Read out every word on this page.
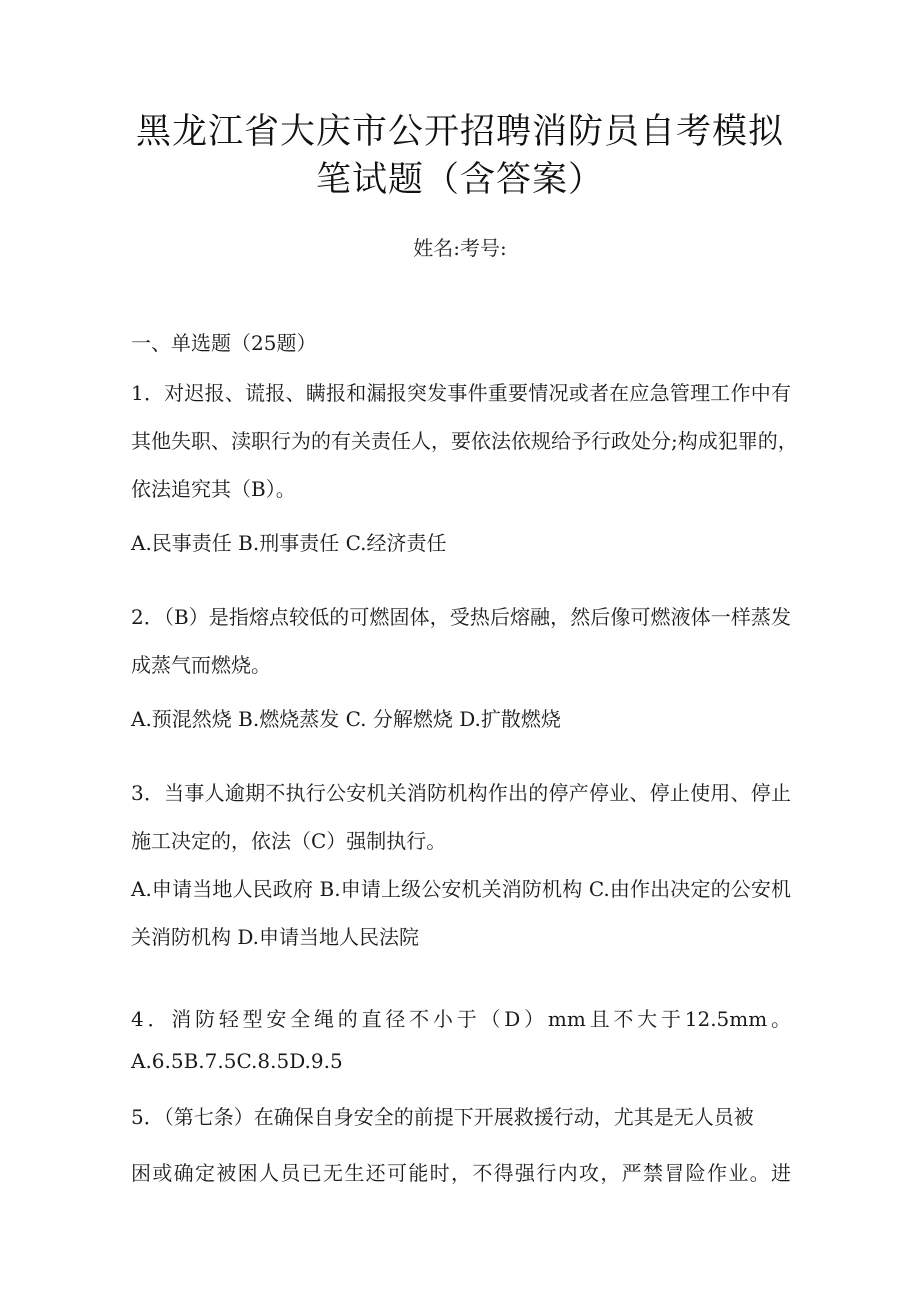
黑龙江省大庆市公开招聘消防员自考模拟
笔试题（含答案）
姓名:考号:
一、单选题（25题）
1．对迟报、谎报、瞒报和漏报突发事件重要情况或者在应急管理工作中有
其他失职、渎职行为的有关责任人，要依法依规给予行政处分;构成犯罪的，
依法追究其（B）。
A.民事责任 B.刑事责任 C.经济责任
2．（B）是指熔点较低的可燃固体，受热后熔融，然后像可燃液体一样蒸发
成蒸气而燃烧。
A.预混然烧 B.燃烧蒸发 C. 分解燃烧 D.扩散燃烧
3．当事人逾期不执行公安机关消防机构作出的停产停业、停止使用、停止
施工决定的，依法（C）强制执行。
A.申请当地人民政府 B.申请上级公安机关消防机构 C.由作出决定的公安机
关消防机构 D.申请当地人民法院
4．消防轻型安全绳的直径不小于（D）mm且不大于12.5mm。
A.6.5B.7.5C.8.5D.9.5
5．（第七条）在确保自身安全的前提下开展救援行动，尤其是无人员被
困或确定被困人员已无生还可能时，不得强行内攻，严禁冒险作业。进
